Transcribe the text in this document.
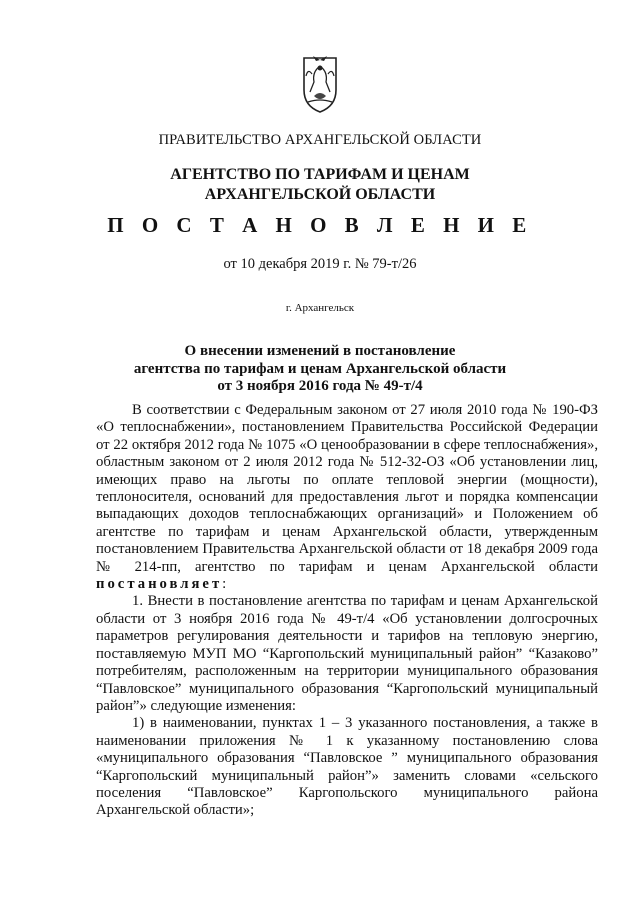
ПРАВИТЕЛЬСТВО АРХАНГЕЛЬСКОЙ ОБЛАСТИ
АГЕНТСТВО ПО ТАРИФАМ И ЦЕНАМ
АРХАНГЕЛЬСКОЙ ОБЛАСТИ
П О С Т А Н О В Л Е Н И Е
от 10 декабря 2019 г. № 79-т/26
г. Архангельск
О внесении изменений в постановление
агентства по тарифам и ценам Архангельской области
от 3 ноября 2016 года № 49-т/4

В соответствии с Федеральным законом от 27 июля 2010 года № 190-ФЗ «О теплоснабжении», постановлением Правительства Российской Федерации от 22 октября 2012 года № 1075 «О ценообразовании в сфере теплоснабжения», областным законом от 2 июля 2012 года № 512-32-ОЗ «Об установлении лиц, имеющих право на льготы по оплате тепловой энергии (мощности), теплоносителя, оснований для предоставления льгот и порядка компенсации выпадающих доходов теплоснабжающих организаций» и Положением об агентстве по тарифам и ценам Архангельской области, утвержденным постановлением Правительства Архангельской области от 18 декабря 2009 года № 214-пп, агентство по тарифам и ценам Архангельской области постановляет:

1. Внести в постановление агентства по тарифам и ценам Архангельской области от 3 ноября 2016 года № 49-т/4 «Об установлении долгосрочных параметров регулирования деятельности и тарифов на тепловую энергию, поставляемую МУП МО “Каргопольский муниципальный район” “Казаково” потребителям, расположенным на территории муниципального образования “Павловское” муниципального образования “Каргопольский муниципальный район”» следующие изменения:

1) в наименовании, пунктах 1 – 3 указанного постановления, а также в наименовании приложения № 1 к указанному постановлению слова «муниципального образования “Павловское ” муниципального образования “Каргопольский муниципальный район”» заменить словами «сельского поселения “Павловское” Каргопольского муниципального района Архангельской области»;
